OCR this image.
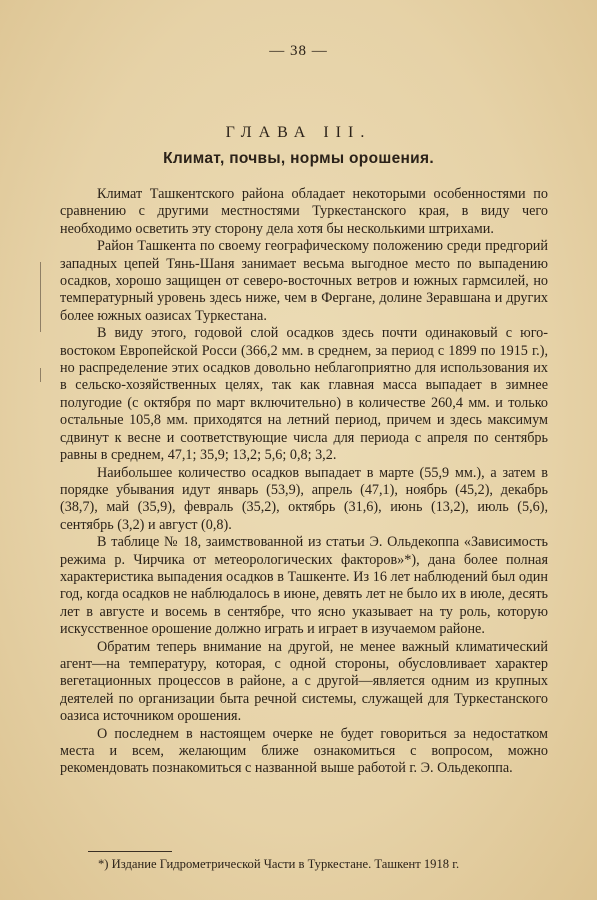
— 38 —
ГЛАВА III.
Климат, почвы, нормы орошения.

Климат Ташкентского района обладает некоторыми особенностями по сравнению с другими местностями Туркестанского края, в виду чего необходимо осветить эту сторону дела хотя бы несколькими штрихами.

Район Ташкента по своему географическому положению среди предгорий западных цепей Тянь-Шаня занимает весьма выгодное место по выпадению осадков, хорошо защищен от северо-восточных ветров и южных гармсилей, но температурный уровень здесь ниже, чем в Фергане, долине Зеравшана и других более южных оазисах Туркестана.

В виду этого, годовой слой осадков здесь почти одинаковый с юго-востоком Европейской Росси (366,2 мм. в среднем, за период с 1899 по 1915 г.), но распределение этих осадков довольно неблагоприятно для использования их в сельско-хозяйственных целях, так как главная масса выпадает в зимнее полугодие (с октября по март включительно) в количестве 260,4 мм. и только остальные 105,8 мм. приходятся на летний период, причем и здесь максимум сдвинут к весне и соответствующие числа для периода с апреля по сентябрь равны в среднем, 47,1; 35,9; 13,2; 5,6; 0,8; 3,2.

Наибольшее количество осадков выпадает в марте (55,9 мм.), а затем в порядке убывания идут январь (53,9), апрель (47,1), ноябрь (45,2), декабрь (38,7), май (35,9), февраль (35,2), октябрь (31,6), июнь (13,2), июль (5,6), сентябрь (3,2) и август (0,8).

В таблице № 18, заимствованной из статьи Э. Ольдекоппа «Зависимость режима р. Чирчика от метеорологических факторов»*), дана более полная характеристика выпадения осадков в Ташкенте. Из 16 лет наблюдений был один год, когда осадков не наблюдалось в июне, девять лет не было их в июле, десять лет в августе и восемь в сентябре, что ясно указывает на ту роль, которую искусственное орошение должно играть и играет в изучаемом районе.

Обратим теперь внимание на другой, не менее важный климатический агент—на температуру, которая, с одной стороны, обусловливает характер вегетационных процессов в районе, а с другой—является одним из крупных деятелей по организации быта речной системы, служащей для Туркестанского оазиса источником орошения.

О последнем в настоящем очерке не будет говориться за недостатком места и всем, желающим ближе ознакомиться с вопросом, можно рекомендовать познакомиться с названной выше работой г. Э. Ольдекоппа.

*) Издание Гидрометрической Части в Туркестане. Ташкент 1918 г.
